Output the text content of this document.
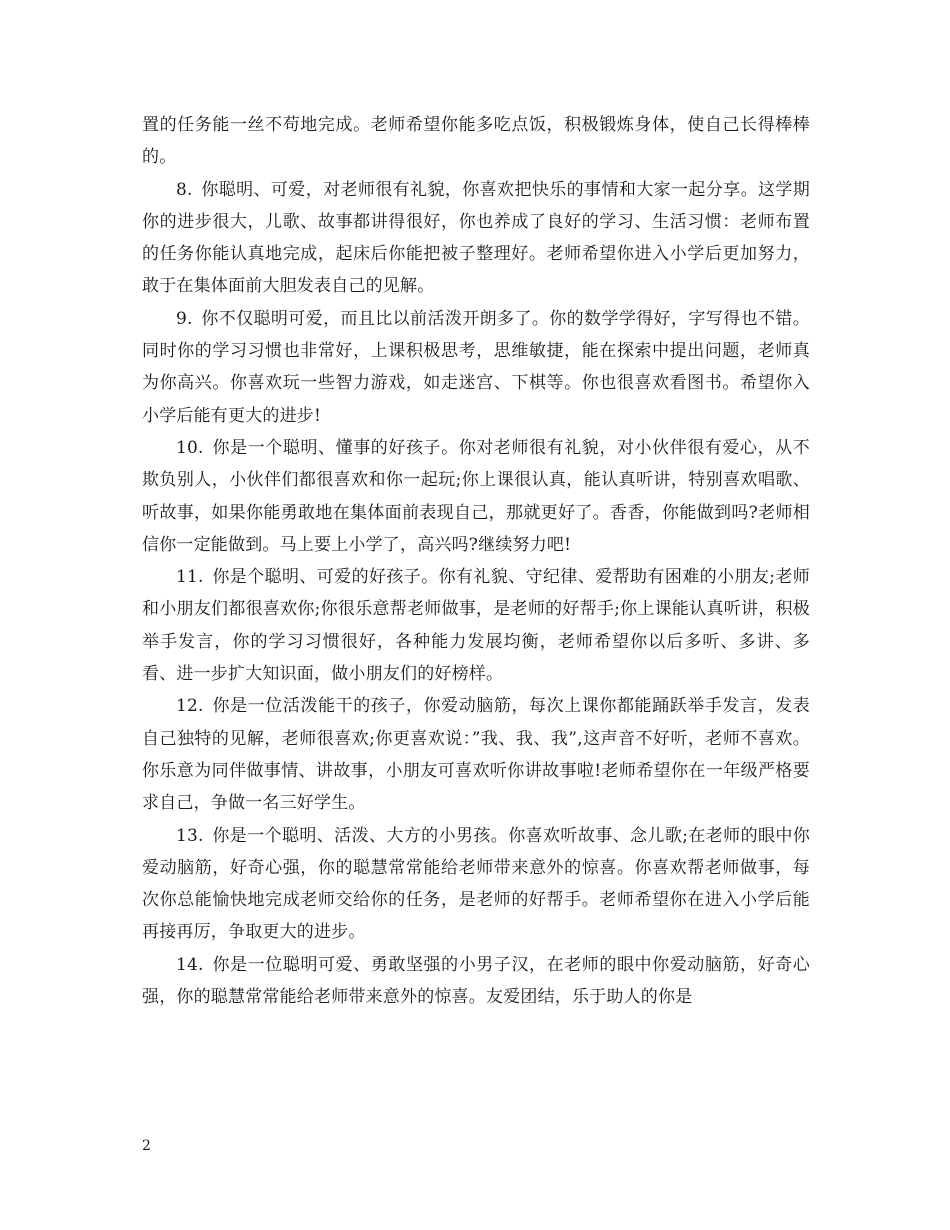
置的任务能一丝不苟地完成。老师希望你能多吃点饭，积极锻炼身体，使自己长得棒棒的。

8. 你聪明、可爱，对老师很有礼貌，你喜欢把快乐的事情和大家一起分享。这学期你的进步很大，儿歌、故事都讲得很好，你也养成了良好的学习、生活习惯：老师布置的任务你能认真地完成，起床后你能把被子整理好。老师希望你进入小学后更加努力，敢于在集体面前大胆发表自己的见解。

9. 你不仅聪明可爱，而且比以前活泼开朗多了。你的数学学得好，字写得也不错。同时你的学习习惯也非常好，上课积极思考，思维敏捷，能在探索中提出问题，老师真为你高兴。你喜欢玩一些智力游戏，如走迷宫、下棋等。你也很喜欢看图书。希望你入小学后能有更大的进步!

10. 你是一个聪明、懂事的好孩子。你对老师很有礼貌，对小伙伴很有爱心，从不欺负别人，小伙伴们都很喜欢和你一起玩;你上课很认真，能认真听讲，特别喜欢唱歌、听故事，如果你能勇敢地在集体面前表现自己，那就更好了。香香，你能做到吗?老师相信你一定能做到。马上要上小学了，高兴吗?继续努力吧!

11. 你是个聪明、可爱的好孩子。你有礼貌、守纪律、爱帮助有困难的小朋友;老师和小朋友们都很喜欢你;你很乐意帮老师做事，是老师的好帮手;你上课能认真听讲，积极举手发言，你的学习习惯很好，各种能力发展均衡，老师希望你以后多听、多讲、多看、进一步扩大知识面，做小朋友们的好榜样。

12. 你是一位活泼能干的孩子，你爱动脑筋，每次上课你都能踊跃举手发言，发表自己独特的见解，老师很喜欢;你更喜欢说：”我、我、我”,这声音不好听，老师不喜欢。你乐意为同伴做事情、讲故事，小朋友可喜欢听你讲故事啦!老师希望你在一年级严格要求自己，争做一名三好学生。

13. 你是一个聪明、活泼、大方的小男孩。你喜欢听故事、念儿歌;在老师的眼中你爱动脑筋，好奇心强，你的聪慧常常能给老师带来意外的惊喜。你喜欢帮老师做事，每次你总能愉快地完成老师交给你的任务，是老师的好帮手。老师希望你在进入小学后能再接再厉，争取更大的进步。

14. 你是一位聪明可爱、勇敢坚强的小男子汉，在老师的眼中你爱动脑筋，好奇心强，你的聪慧常常能给老师带来意外的惊喜。友爱团结，乐于助人的你是

2
